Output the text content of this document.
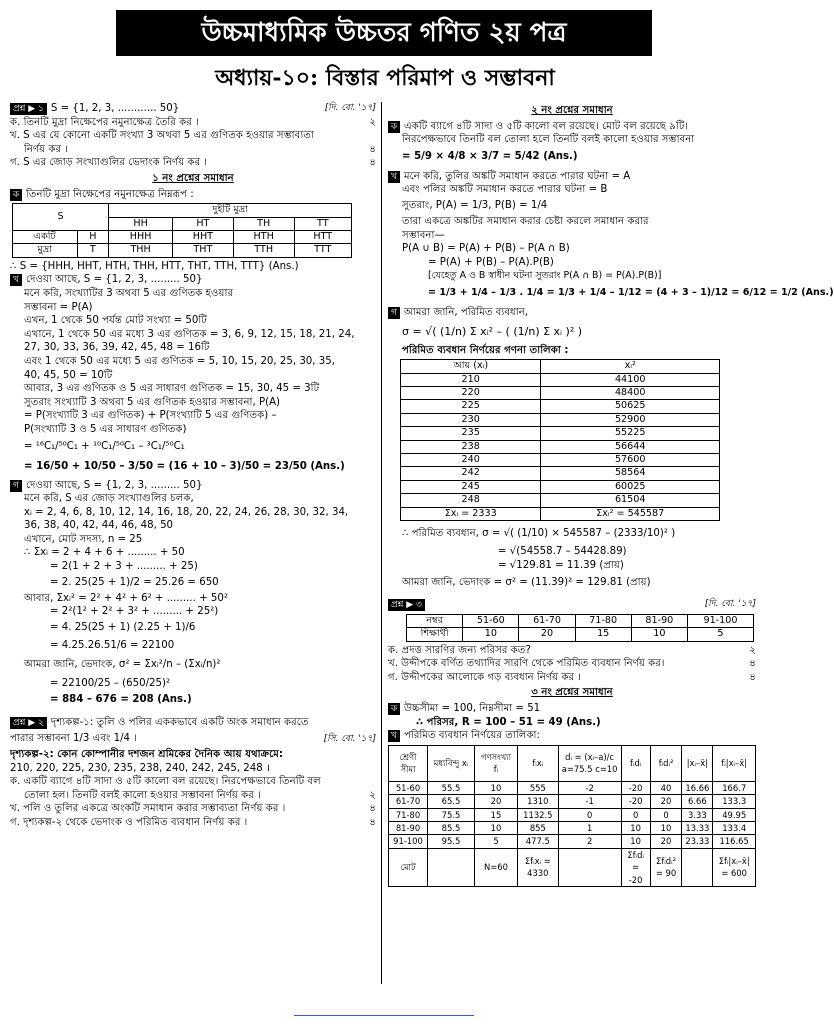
উচ্চমাধ্যমিক উচ্চতর গণিত ২য় পত্র
অধ্যায়-১০: বিস্তার পরিমাপ ও সম্ভাবনা
প্রশ্ন ▶ ১ S = {1, 2, 3, ............ 50}	[দি. বো. '১৭]
ক. তিনটি মুদ্রা নিক্ষেপের নমুনাক্ষেত্র তৈরি কর ।	২
খ. S এর যে কোনো একটি সংখ্যা 3 অথবা 5 এর গুণিতক হওয়ার সম্ভাব্যতা
নির্ণয় কর ।	৪
গ. S এর জোড় সংখ্যাগুলির ভেদাংক নির্ণয় কর ।	৪
১ নং প্রশ্নের সমাধান
ক তিনটি মুদ্রা নিক্ষেপের নমুনাক্ষেত্র নিম্নরূপ :
S		দুইটি মুদ্রা			
		HH	HT	TH	TT
একটি	H	HHH	HHT	HTH	HTT
মুদ্রা	T	THH	THT	TTH	TTT
∴ S = {HHH, HHT, HTH, THH, HTT, THT, TTH, TTT} (Ans.)
খ দেওয়া আছে, S = {1, 2, 3, ......... 50}
মনে করি, সংখ্যাটির 3 অথবা 5 এর গুণিতক হওয়ার
সম্ভাবনা = P(A)
এখন, 1 থেকে 50 পর্যন্ত মোট সংখ্যা = 50টি
এখানে, 1 থেকে 50 এর মধ্যে 3 এর গুণিতক = 3, 6, 9, 12, 15, 18, 21, 24,
27, 30, 33, 36, 39, 42, 45, 48 = 16টি
এবং 1 থেকে 50 এর মধ্যে 5 এর গুণিতক = 5, 10, 15, 20, 25, 30, 35,
40, 45, 50 = 10টি
আবার, 3 এর গুণিতক ও 5 এর সাধারণ গুণিতক = 15, 30, 45 = 3টি
সুতরাং সংখ্যাটি 3 অথবা 5 এর গুণিতক হওয়ার সম্ভাবনা, P(A)
= P(সংখ্যাটি 3 এর গুণিতক) + P(সংখ্যাটি 5 এর গুণিতক) –
P(সংখ্যাটি 3 ও 5 এর সাধারণ গুণিতক)
= ¹⁶C₁/⁵⁰C₁ + ¹⁰C₁/⁵⁰C₁ – ³C₁/⁵⁰C₁
= 16/50 + 10/50 – 3/50 = (16 + 10 – 3)/50 = 23/50 (Ans.)
গ দেওয়া আছে, S = {1, 2, 3, ......... 50}
মনে করি, S এর জোড় সংখ্যাগুলির চলক,
xᵢ = 2, 4, 6, 8, 10, 12, 14, 16, 18, 20, 22, 24, 26, 28, 30, 32, 34,
36, 38, 40, 42, 44, 46, 48, 50
এখানে, মোট সদস্য, n = 25
∴ Σxᵢ = 2 + 4 + 6 + ......... + 50
= 2(1 + 2 + 3 + ......... + 25)
= 2. 25(25 + 1)/2 = 25.26 = 650
আবার, Σxᵢ² = 2² + 4² + 6² + ......... + 50²
= 2²(1² + 2² + 3² + ......... + 25²)
= 4. 25(25 + 1) (2.25 + 1)/6
= 4.25.26.51/6 = 22100
আমরা জানি, ভেদাংক, σ² = Σxᵢ²/n – (Σxᵢ/n)²
= 22100/25 – (650/25)²
= 884 – 676 = 208 (Ans.)
প্রশ্ন ▶ ২ দৃশ্যকল্প-১: তুলি ও পলির এককভাবে একটি অংক সমাধান করতে
পারার সম্ভাবনা 1/3 এবং 1/4 ।	[সি. বো. '১৭]
দৃশ্যকল্প-২: কোন কোম্পানীর দশজন শ্রমিকের দৈনিক আয় যথাক্রমে:
210, 220, 225, 230, 235, 238, 240, 242, 245, 248 ।
ক. একটি ব্যাগে ৪টি সাদা ও ৫টি কালো বল রয়েছে। নিরপেক্ষভাবে তিনটি বল
তোলা হল। তিনটি বলই কালো হওয়ার সম্ভাবনা নির্ণয় কর ।	২
খ. পলি ও তুলির একত্রে অংকটি সমাধান করার সম্ভাব্যতা নির্ণয় কর ।	৪
গ. দৃশ্যকল্প-২ থেকে ভেদাংক ও পরিমিত ব্যবধান নির্ণয় কর ।	৪
২ নং প্রশ্নের সমাধান
ক একটি ব্যাগে ৪টি সাদা ও ৫টি কালো বল রয়েছে। মোট বল রয়েছে ৯টি।
নিরপেক্ষভাবে তিনটি বল তোলা হলে তিনটি বলই কালো হওয়ার সম্ভাবনা
= 5/9 × 4/8 × 3/7 = 5/42 (Ans.)
খ মনে করি, তুলির অঙ্কটি সমাধান করতে পারার ঘটনা = A
এবং পলির অঙ্কটি সমাধান করতে পারার ঘটনা = B
সুতরাং, P(A) = 1/3, P(B) = 1/4
তারা একত্রে অঙ্কটির সমাধান করার চেষ্টা করলে সমাধান করার
সম্ভাবনা—
P(A ∪ B) = P(A) + P(B) – P(A ∩ B)
= P(A) + P(B) – P(A).P(B)
[যেহেতু A ও B স্বাধীন ঘটনা সুতরাং P(A ∩ B) = P(A).P(B)]
= 1/3 + 1/4 – 1/3 . 1/4 = 1/3 + 1/4 – 1/12 = (4 + 3 – 1)/12 = 6/12 = 1/2 (Ans.)
গ আমরা জানি, পরিমিত ব্যবধান,
σ = √( (1/n) Σ xᵢ² – ( (1/n) Σ xᵢ )² )
পরিমিত ব্যবধান নির্ণয়ের গণনা তালিকা :
আয় (xᵢ)	xᵢ²
210	44100
220	48400
225	50625
230	52900
235	55225
238	56644
240	57600
242	58564
245	60025
248	61504
Σxᵢ = 2333	Σxᵢ² = 545587
∴ পরিমিত ব্যবধান, σ = √( (1/10) × 545587 – (2333/10)² )
= √(54558.7 – 54428.89)
= √129.81 = 11.39 (প্রায়)
আমরা জানি, ভেদাংক = σ² = (11.39)² = 129.81 (প্রায়)
প্রশ্ন ▶ ৩	[দি. বো. '১৭]
নম্বর	51-60	61-70	71-80	81-90	91-100
শিক্ষার্থী	10	20	15	10	5
ক. প্রদত্ত সারণির জন্য পরিসর কত?	২
খ. উদ্দীপকে বর্ণিত তথ্যাদির সারণি থেকে পরিমিত ব্যবধান নির্ণয় কর।	৪
গ. উদ্দীপকের আলোকে গড় ব্যবধান নির্ণয় কর ।	৪
৩ নং প্রশ্নের সমাধান
ক উচ্চসীমা = 100, নিম্নসীমা = 51
∴ পরিসর, R = 100 – 51 = 49 (Ans.)
খ পরিমিত ব্যবধান নির্ণয়ের তালিকা:
শ্রেণী সীমা	মধ্যবিন্দু xᵢ	গণসংখ্যা fᵢ	fᵢxᵢ	dᵢ = (xᵢ–a)/c a=75.5 c=10	fᵢdᵢ	fᵢdᵢ²	|xᵢ–x̄|	fᵢ|xᵢ–x̄|
51-60	55.5	10	555	-2	-20	40	16.66	166.7
61-70	65.5	20	1310	-1	-20	20	6.66	133.3
71-80	75.5	15	1132.5	0	0	0	3.33	49.95
81-90	85.5	10	855	1	10	10	13.33	133.4
91-100	95.5	5	477.5	2	10	20	23.33	116.65
মোট		N=60	Σfᵢxᵢ = 4330		Σfᵢdᵢ = -20	Σfᵢdᵢ² = 90		Σfᵢ|xᵢ–x̄| = 600
